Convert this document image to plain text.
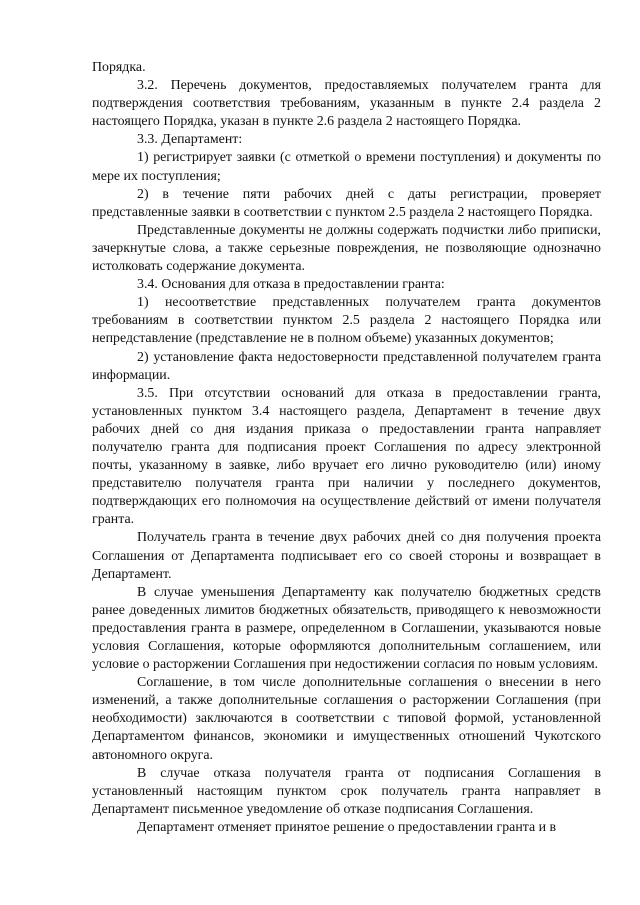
Порядка.

3.2. Перечень документов, предоставляемых получателем гранта для подтверждения соответствия требованиям, указанным в пункте 2.4 раздела 2 настоящего Порядка, указан в пункте 2.6 раздела 2 настоящего Порядка.

3.3. Департамент:

1) регистрирует заявки (с отметкой о времени поступления) и документы по мере их поступления;

2) в течение пяти рабочих дней с даты регистрации, проверяет представленные заявки в соответствии с пунктом 2.5 раздела 2 настоящего Порядка.

Представленные документы не должны содержать подчистки либо приписки, зачеркнутые слова, а также серьезные повреждения, не позволяющие однозначно истолковать содержание документа.

3.4. Основания для отказа в предоставлении гранта:

1) несоответствие представленных получателем гранта документов требованиям в соответствии пунктом 2.5 раздела 2 настоящего Порядка или непредставление (представление не в полном объеме) указанных документов;

2) установление факта недостоверности представленной получателем гранта информации.

3.5. При отсутствии оснований для отказа в предоставлении гранта, установленных пунктом 3.4 настоящего раздела, Департамент в течение двух рабочих дней со дня издания приказа о предоставлении гранта направляет получателю гранта для подписания проект Соглашения по адресу электронной почты, указанному в заявке, либо вручает его лично руководителю (или) иному представителю получателя гранта при наличии у последнего документов, подтверждающих его полномочия на осуществление действий от имени получателя гранта.

Получатель гранта в течение двух рабочих дней со дня получения проекта Соглашения от Департамента подписывает его со своей стороны и возвращает в Департамент.

В случае уменьшения Департаменту как получателю бюджетных средств ранее доведенных лимитов бюджетных обязательств, приводящего к невозможности предоставления гранта в размере, определенном в Соглашении, указываются новые условия Соглашения, которые оформляются дополнительным соглашением, или условие о расторжении Соглашения при недостижении согласия по новым условиям.

Соглашение, в том числе дополнительные соглашения о внесении в него изменений, а также дополнительные соглашения о расторжении Соглашения (при необходимости) заключаются в соответствии с типовой формой, установленной Департаментом финансов, экономики и имущественных отношений Чукотского автономного округа.

В случае отказа получателя гранта от подписания Соглашения в установленный настоящим пунктом срок получатель гранта направляет в Департамент письменное уведомление об отказе подписания Соглашения.

Департамент отменяет принятое решение о предоставлении гранта и в
